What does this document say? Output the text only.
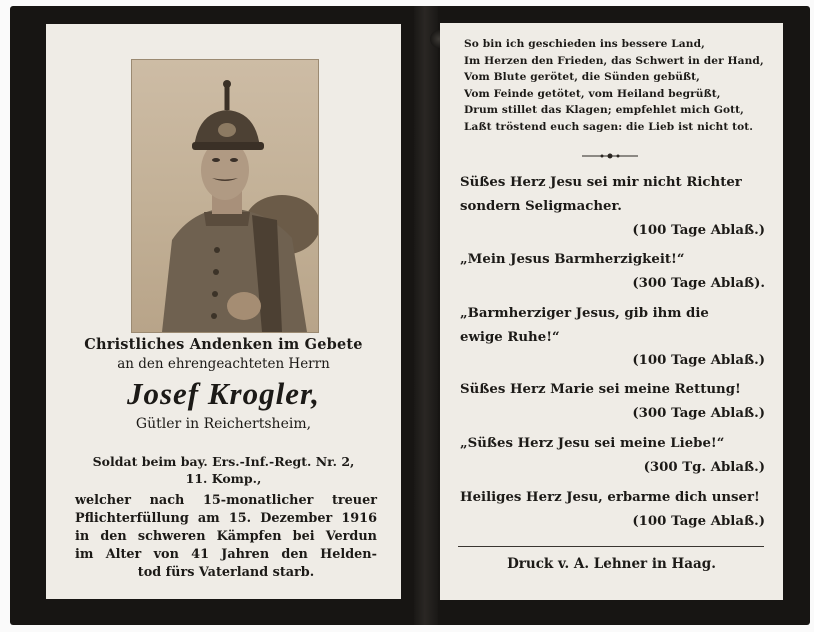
Christliches Andenken im Gebete
an den ehrengeachteten Herrn
Josef Krogler,
Gütler in Reichertsheim,
Soldat beim bay. Ers.-Inf.-Regt. Nr. 2,
11. Komp.,
welcher nach 15-monatlicher treuer
Pflichterfüllung am 15. Dezember 1916
in den schweren Kämpfen bei Verdun
im Alter von 41 Jahren den Helden-
tod
fürs
Vaterland
starb.
So bin ich geschieden ins bessere Land,
Im Herzen den Frieden, das Schwert in der Hand,
Vom Blute gerötet, die Sünden gebüßt,
Vom Feinde getötet, vom Heiland begrüßt,
Drum stillet das Klagen; empfehlet mich Gott,
Laßt tröstend euch sagen: die Lieb ist nicht tot.
Süßes Herz Jesu sei mir nicht Richter
sondern Seligmacher.
(100 Tage Ablaß.)
„Mein Jesus Barmherzigkeit!“
(300 Tage Ablaß).
„Barmherziger Jesus, gib ihm die
ewige Ruhe!“
(100 Tage Ablaß.)
Süßes Herz Marie sei meine Rettung!
(300 Tage Ablaß.)
„Süßes Herz Jesu sei meine Liebe!“
(300 Tg. Ablaß.)
Heiliges Herz Jesu, erbarme dich unser!
(100 Tage Ablaß.)
Druck v. A. Lehner in Haag.
